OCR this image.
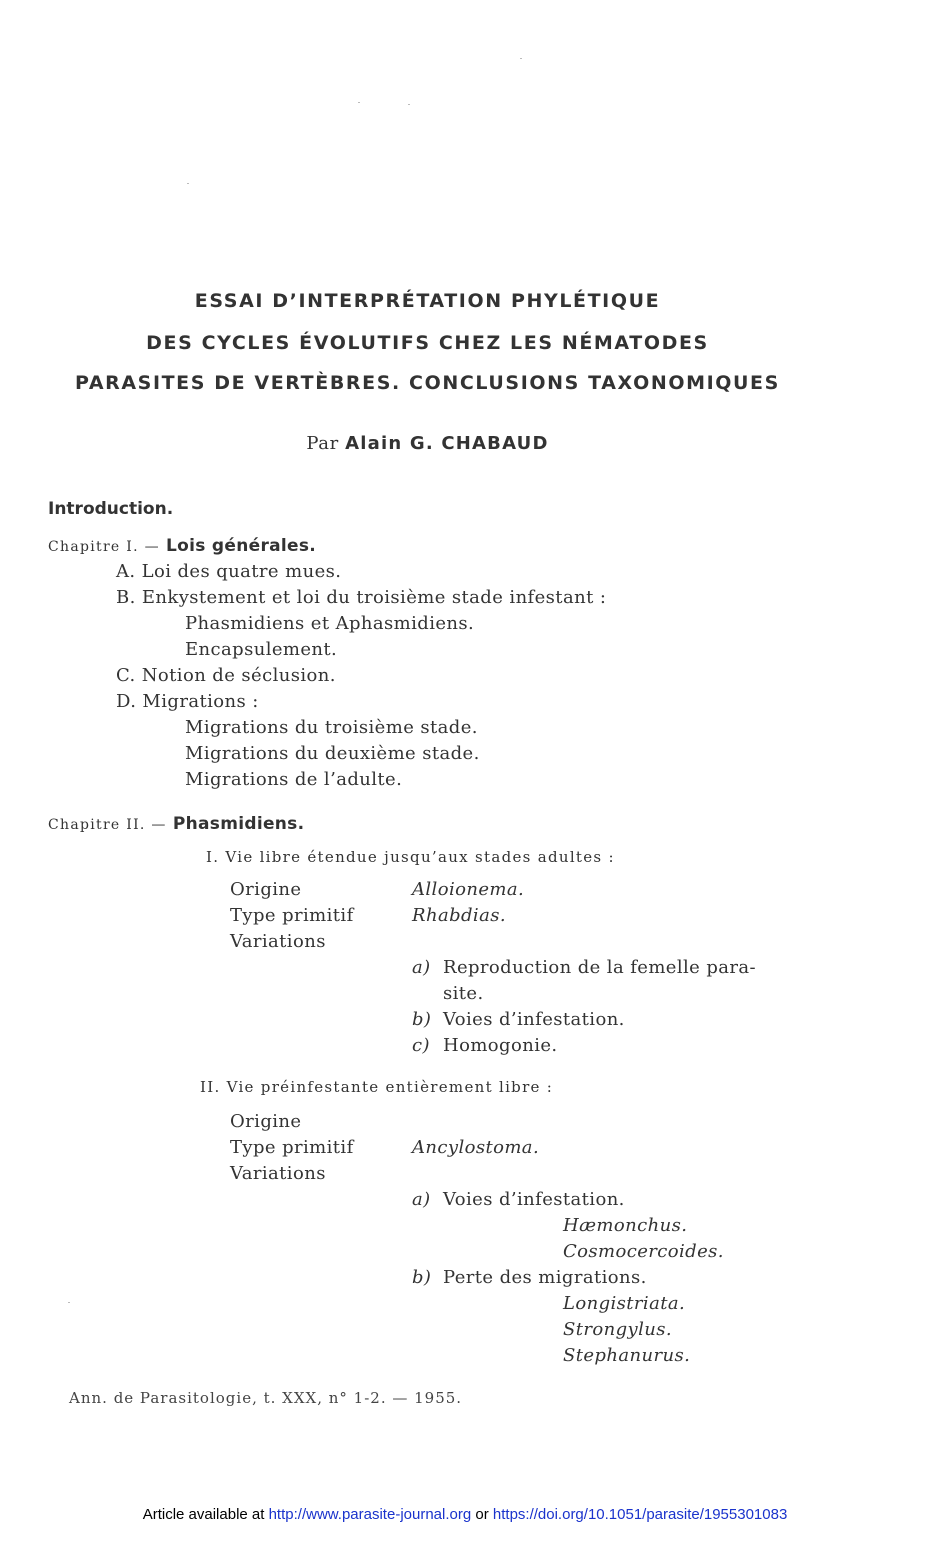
ESSAI D’INTERPRÉTATION PHYLÉTIQUE
DES CYCLES ÉVOLUTIFS CHEZ LES NÉMATODES
PARASITES DE VERTÈBRES. CONCLUSIONS TAXONOMIQUES
Par Alain G. CHABAUD
Introduction.
Chapitre I. — Lois générales.
A. Loi des quatre mues.
B. Enkystement et loi du troisième stade infestant :
Phasmidiens et Aphasmidiens.
Encapsulement.
C. Notion de séclusion.
D. Migrations :
Migrations du troisième stade.
Migrations du deuxième stade.
Migrations de l’adulte.
Chapitre II. — Phasmidiens.
I. Vie libre étendue jusqu’aux stades adultes :
Origine	Alloionema.
Type primitif	Rhabdias.
Variations
a) Reproduction de la femelle para-
site.
b) Voies d’infestation.
c) Homogonie.
II. Vie préinfestante entièrement libre :
Origine
Type primitif	Ancylostoma.
Variations
a) Voies d’infestation.
Hæmonchus.
Cosmocercoides.
b) Perte des migrations.
Longistriata.
Strongylus.
Stephanurus.
Ann. de Parasitologie, t. XXX, n° 1-2. — 1955.
Article available at http://www.parasite-journal.org or https://doi.org/10.1051/parasite/1955301083
